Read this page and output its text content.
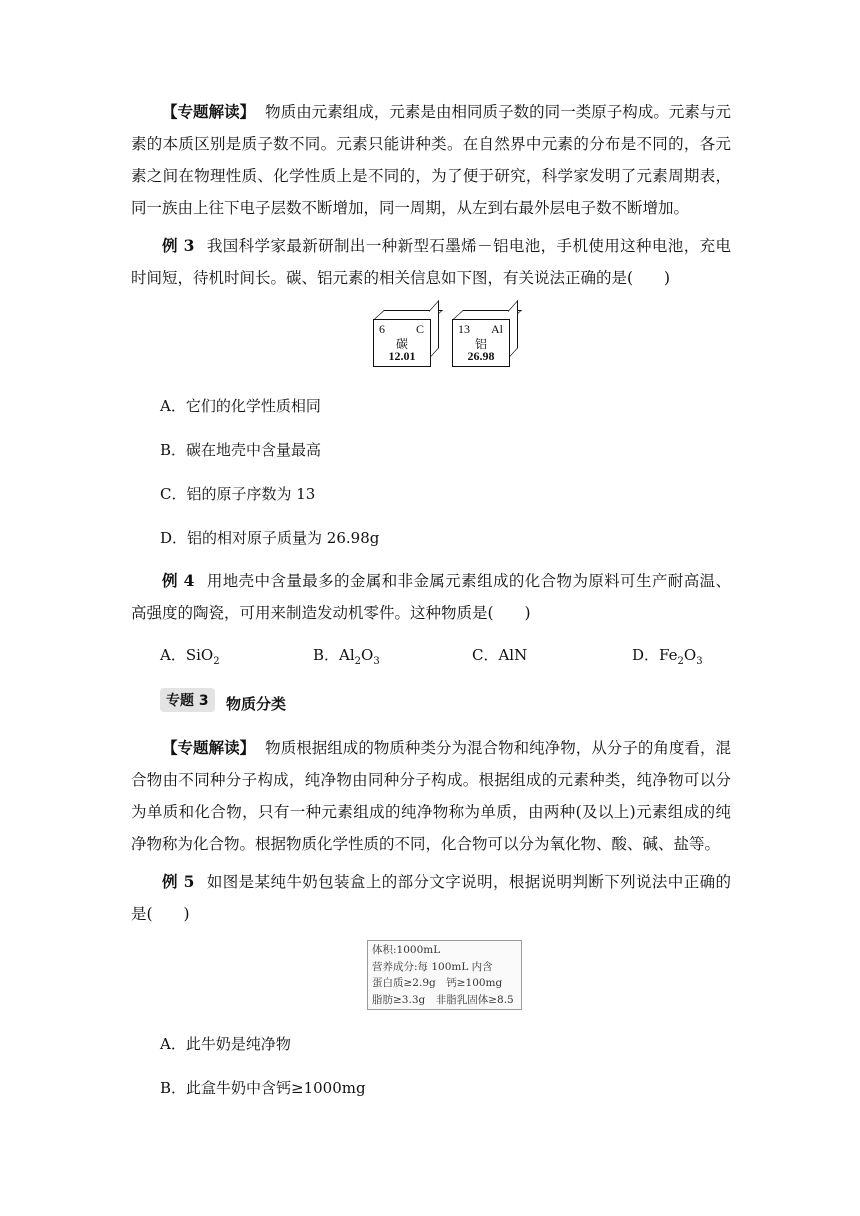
【专题解读】 物质由元素组成，元素是由相同质子数的同一类原子构成。元素与元素的本质区别是质子数不同。元素只能讲种类。在自然界中元素的分布是不同的，各元素之间在物理性质、化学性质上是不同的，为了便于研究，科学家发明了元素周期表，同一族由上往下电子层数不断增加，同一周期，从左到右最外层电子数不断增加。
例 3 我国科学家最新研制出一种新型石墨烯－铝电池，手机使用这种电池，充电时间短，待机时间长。碳、铝元素的相关信息如下图，有关说法正确的是(　　)
6	C
碳
12.01
13 Al
铝
26.98
A．它们的化学性质相同
B．碳在地壳中含量最高
C．铝的原子序数为 13
D．铝的相对原子质量为 26.98g
例 4 用地壳中含量最多的金属和非金属元素组成的化合物为原料可生产耐高温、高强度的陶瓷，可用来制造发动机零件。这种物质是(　　)
A．SiO$_2$	B．$Al_2O_3$	C．AlN	D．$Fe_2O_3$
专题 3	物质分类
【专题解读】 物质根据组成的物质种类分为混合物和纯净物，从分子的角度看，混合物由不同种分子构成，纯净物由同种分子构成。根据组成的元素种类，纯净物可以分为单质和化合物，只有一种元素组成的纯净物称为单质，由两种(及以上)元素组成的纯净物称为化合物。根据物质化学性质的不同，化合物可以分为氧化物、酸、碱、盐等。
例 5 如图是某纯牛奶包装盒上的部分文字说明，根据说明判断下列说法中正确的是(　　)
体积:1000mL
营养成分:每 100mL 内含
蛋白质≥2.9g　钙≥100mg
脂肪≥3.3g　非脂乳固体≥8.5
A．此牛奶是纯净物
B．此盒牛奶中含钙≥1000mg
